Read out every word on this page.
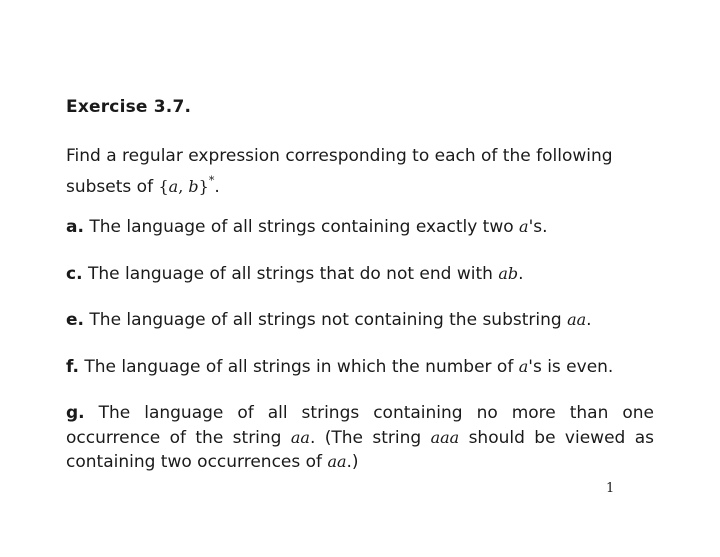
Exercise 3.7.
Find a regular expression corresponding to each of the following
subsets of {a, b}*.
a. The language of all strings containing exactly two a's.
c. The language of all strings that do not end with ab.
e. The language of all strings not containing the substring aa.
f. The language of all strings in which the number of a's is even.
g. The language of all strings containing no more than one occurrence of the string aa. (The string aaa should be viewed as containing two occurrences of aa.)
1
